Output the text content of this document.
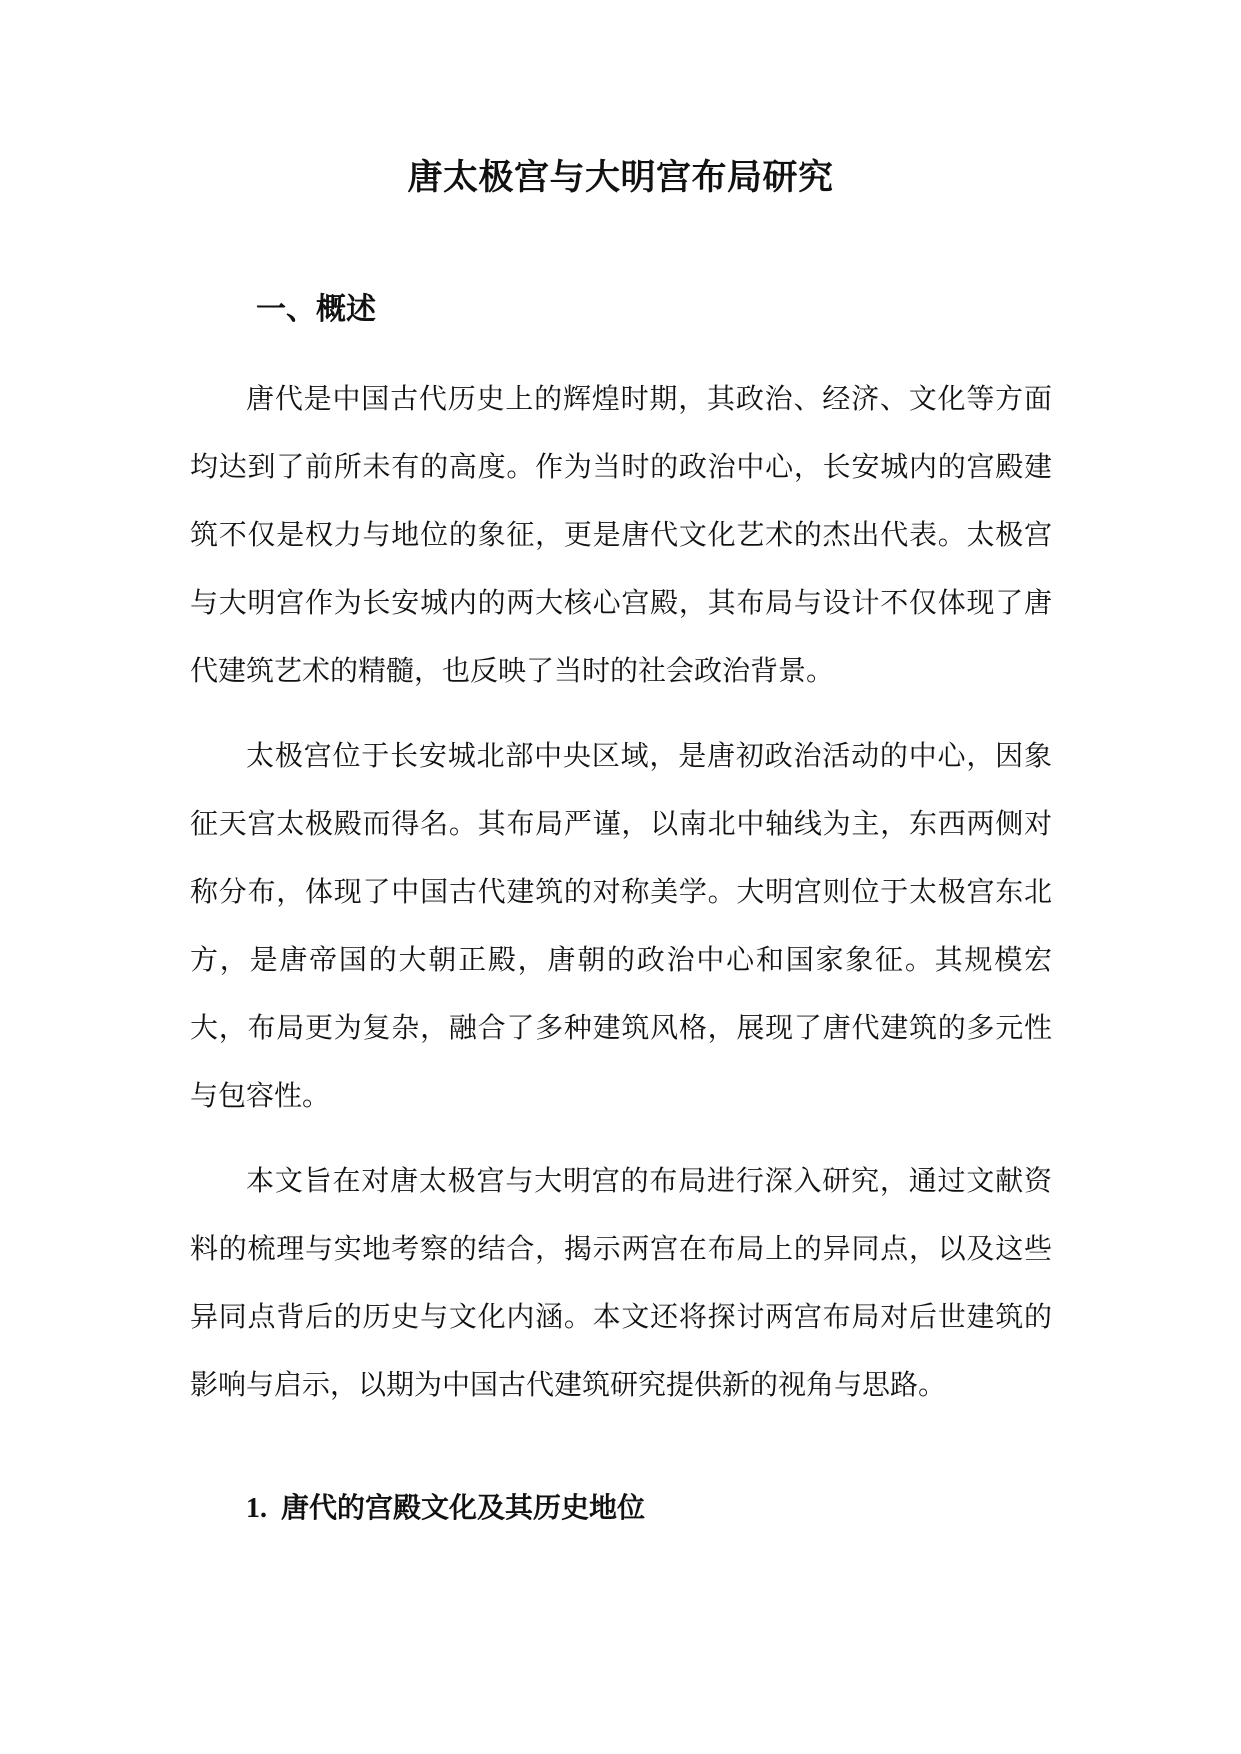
唐太极宫与大明宫布局研究
一、概述

唐代是中国古代历史上的辉煌时期，其政治、经济、文化等方面均达到了前所未有的高度。作为当时的政治中心，长安城内的宫殿建筑不仅是权力与地位的象征，更是唐代文化艺术的杰出代表。太极宫与大明宫作为长安城内的两大核心宫殿，其布局与设计不仅体现了唐代建筑艺术的精髓，也反映了当时的社会政治背景。

太极宫位于长安城北部中央区域，是唐初政治活动的中心，因象征天宫太极殿而得名。其布局严谨，以南北中轴线为主，东西两侧对称分布，体现了中国古代建筑的对称美学。大明宫则位于太极宫东北方，是唐帝国的大朝正殿，唐朝的政治中心和国家象征。其规模宏大，布局更为复杂，融合了多种建筑风格，展现了唐代建筑的多元性与包容性。

本文旨在对唐太极宫与大明宫的布局进行深入研究，通过文献资料的梳理与实地考察的结合，揭示两宫在布局上的异同点，以及这些异同点背后的历史与文化内涵。本文还将探讨两宫布局对后世建筑的影响与启示，以期为中国古代建筑研究提供新的视角与思路。

1. 唐代的宫殿文化及其历史地位
